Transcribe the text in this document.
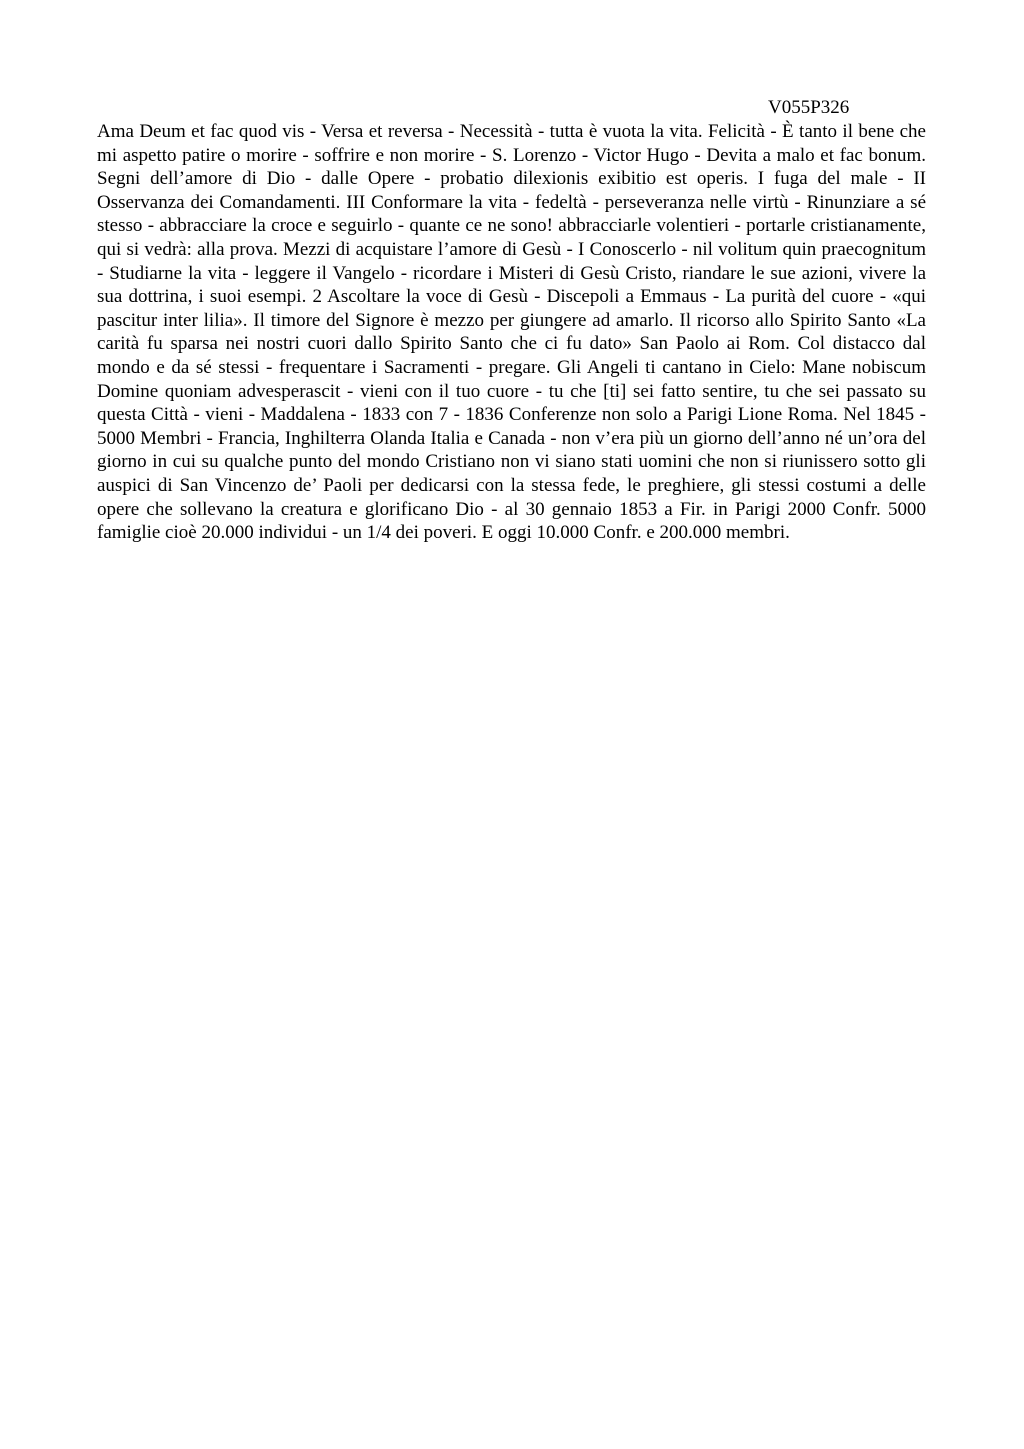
V055P326

Ama Deum et fac quod vis - Versa et reversa - Necessità - tutta è vuota la vita. Felicità - È tanto il bene che mi aspetto patire o morire - soffrire e non morire - S. Lorenzo - Victor Hugo - Devita a malo et fac bonum. Segni dell’amore di Dio - dalle Opere - probatio dilexionis exibitio est operis. I fuga del male - II Osservanza dei Comandamenti. III Conformare la vita - fedeltà - perseveranza nelle virtù - Rinunziare a sé stesso - abbracciare la croce e seguirlo - quante ce ne sono! abbracciarle volentieri - portarle cristianamente, qui si vedrà: alla prova. Mezzi di acquistare l’amore di Gesù - I Conoscerlo - nil volitum quin praecognitum - Studiarne la vita - leggere il Vangelo - ricordare i Misteri di Gesù Cristo, riandare le sue azioni, vivere la sua dottrina, i suoi esempi. 2 Ascoltare la voce di Gesù - Discepoli a Emmaus - La purità del cuore - «qui pascitur inter lilia». Il timore del Signore è mezzo per giungere ad amarlo. Il ricorso allo Spirito Santo «La carità fu sparsa nei nostri cuori dallo Spirito Santo che ci fu dato» San Paolo ai Rom. Col distacco dal mondo e da sé stessi - frequentare i Sacramenti - pregare. Gli Angeli ti cantano in Cielo: Mane nobiscum Domine quoniam advesperascit - vieni con il tuo cuore - tu che [ti] sei fatto sentire, tu che sei passato su questa Città - vieni - Maddalena - 1833 con 7 - 1836 Conferenze non solo a Parigi Lione Roma. Nel 1845 - 5000 Membri - Francia, Inghilterra Olanda Italia e Canada - non v’era più un giorno dell’anno né un’ora del giorno in cui su qualche punto del mondo Cristiano non vi siano stati uomini che non si riunissero sotto gli auspici di San Vincenzo de’ Paoli per dedicarsi con la stessa fede, le preghiere, gli stessi costumi a delle opere che sollevano la creatura e glorificano Dio - al 30 gennaio 1853 a Fir. in Parigi 2000 Confr. 5000 famiglie cioè 20.000 individui - un 1/4 dei poveri. E oggi 10.000 Confr. e 200.000 membri.
